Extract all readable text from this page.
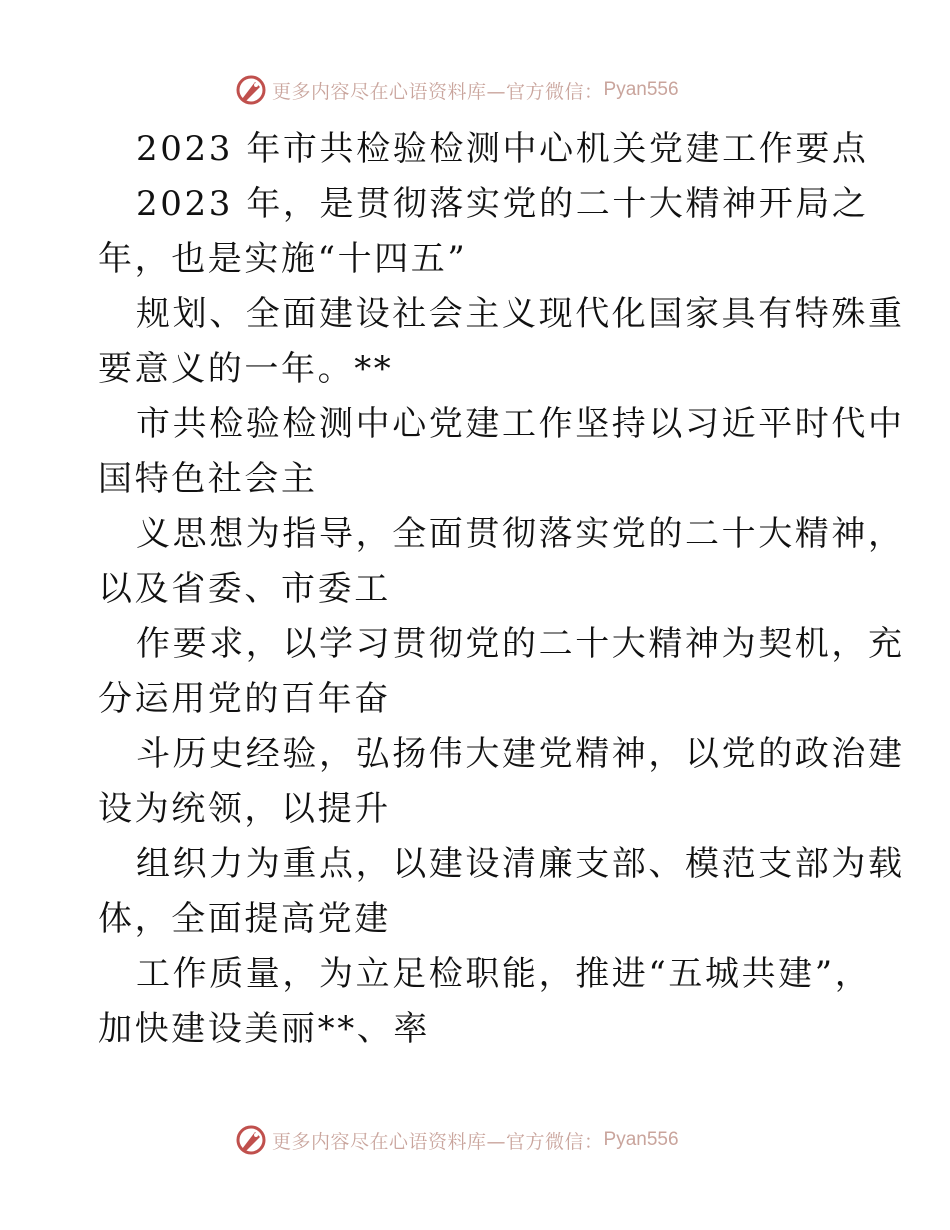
更多内容尽在心语资料库—官方微信： Pyan556
2023 年市共检验检测中心机关党建工作要点
2023 年，是贯彻落实党的二十大精神开局之
年，也是实施“十四五”
规划、全面建设社会主义现代化国家具有特殊重
要意义的一年。**
市共检验检测中心党建工作坚持以习近平时代中
国特色社会主
义思想为指导，全面贯彻落实党的二十大精神，
以及省委、市委工
作要求，以学习贯彻党的二十大精神为契机，充
分运用党的百年奋
斗历史经验，弘扬伟大建党精神，以党的政治建
设为统领，以提升
组织力为重点，以建设清廉支部、模范支部为载
体，全面提高党建
工作质量，为立足检职能，推进“五城共建”，
加快建设美丽**、率
更多内容尽在心语资料库—官方微信： Pyan556
